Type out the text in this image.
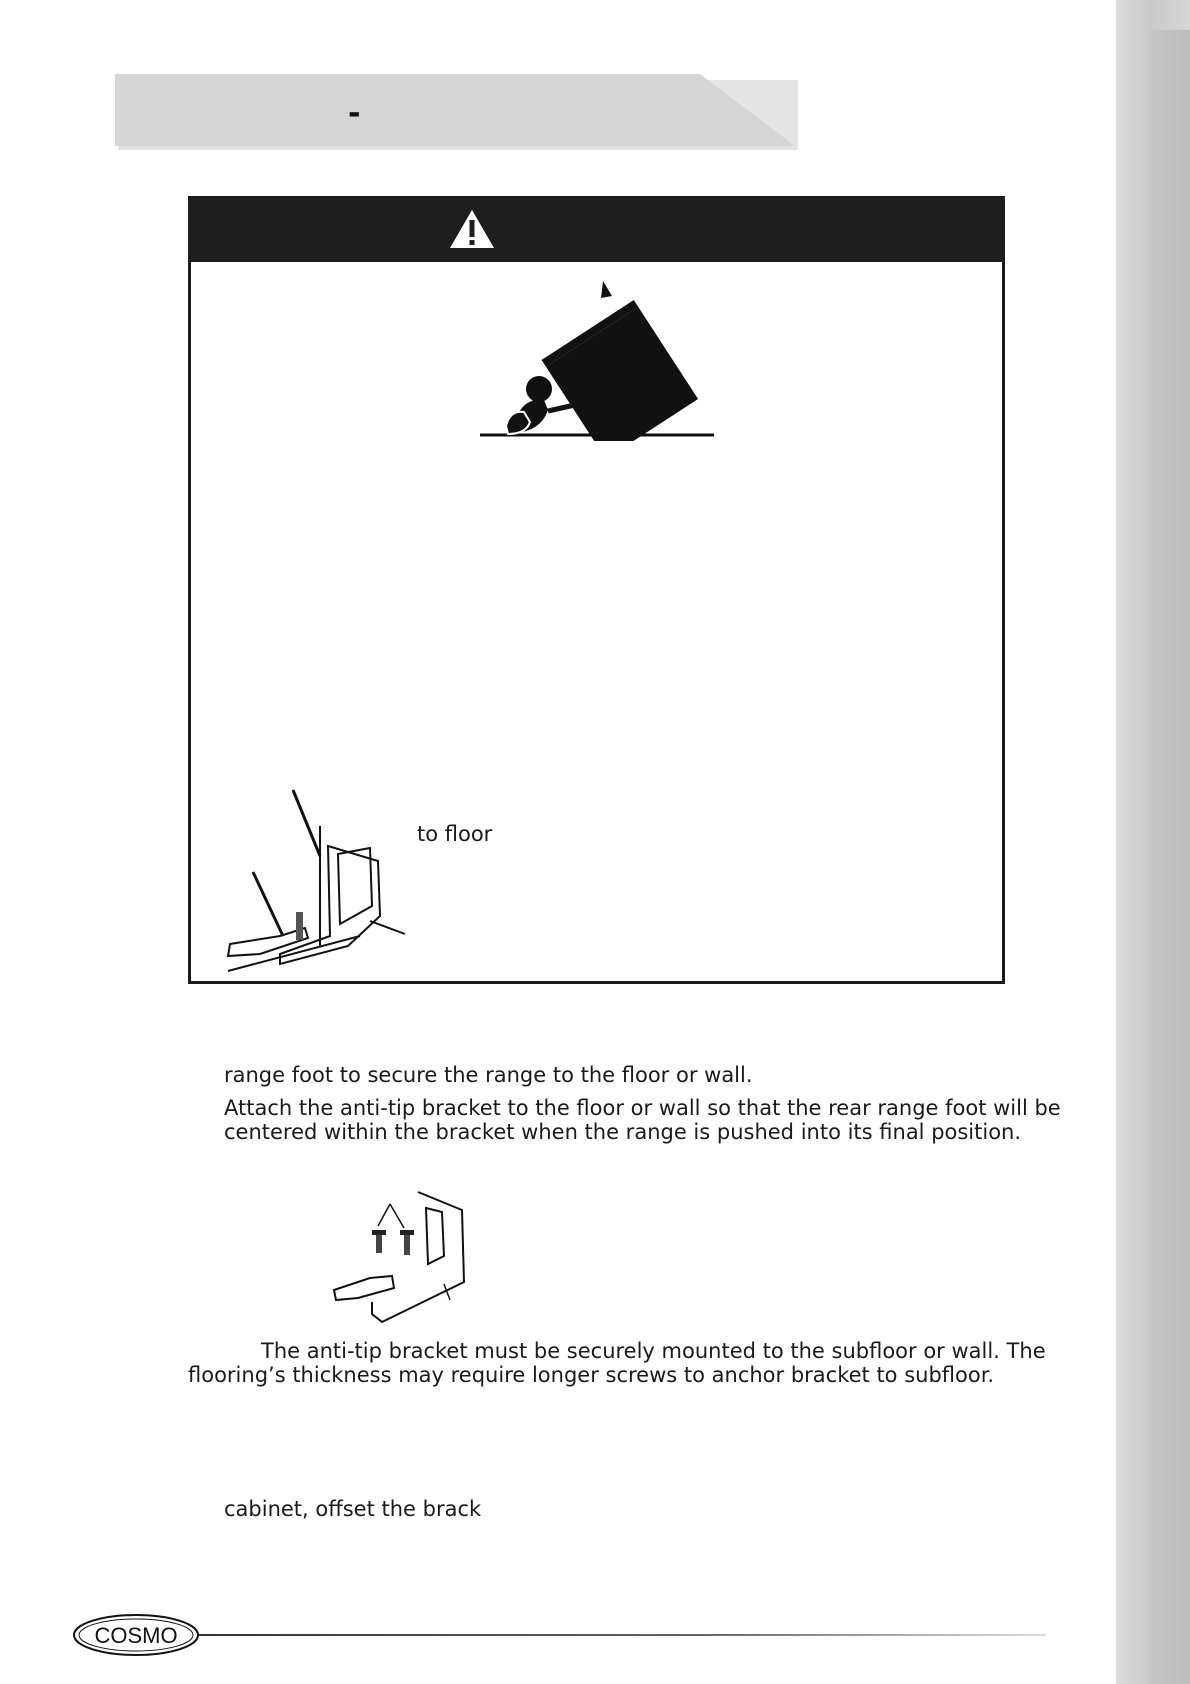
-
to floor
range foot to secure the range to the floor or wall.
Attach the anti-tip bracket to the floor or wall so that the rear range foot will be
centered within the bracket when the range is pushed into its final position.
The anti-tip bracket must be securely mounted to the subfloor or wall. The
flooring’s thickness may require longer screws to anchor bracket to subfloor.
cabinet, offset the brack
COSMO
